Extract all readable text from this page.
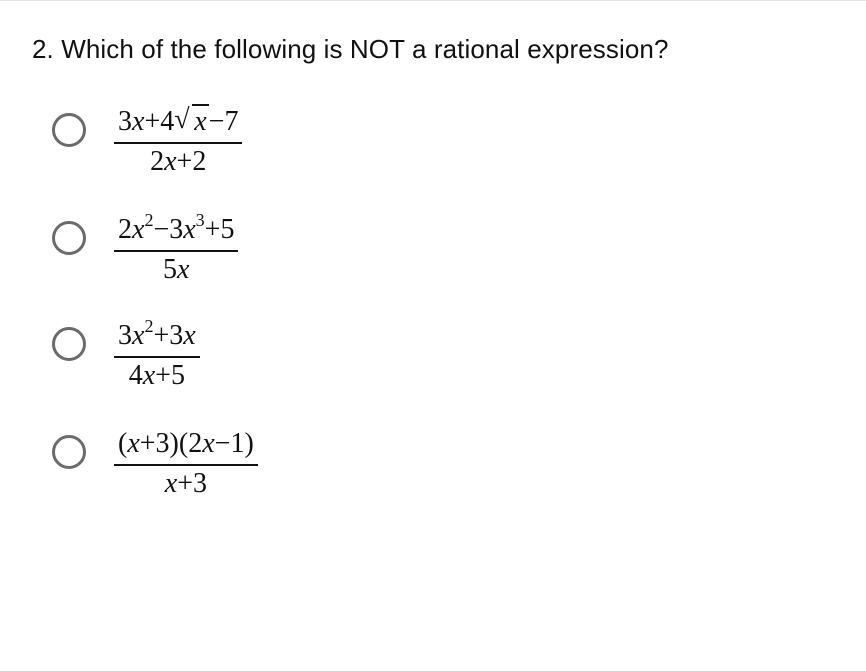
2. Which of the following is NOT a rational expression?
$\frac{3x+4 √ x-7}{2x+2}$
$\frac{2x^2-3x^3+5}{5x}$
$\frac{3x^2+3x}{4x+5}$
$\frac{(x+3)(2x-1)}{x+3}$
